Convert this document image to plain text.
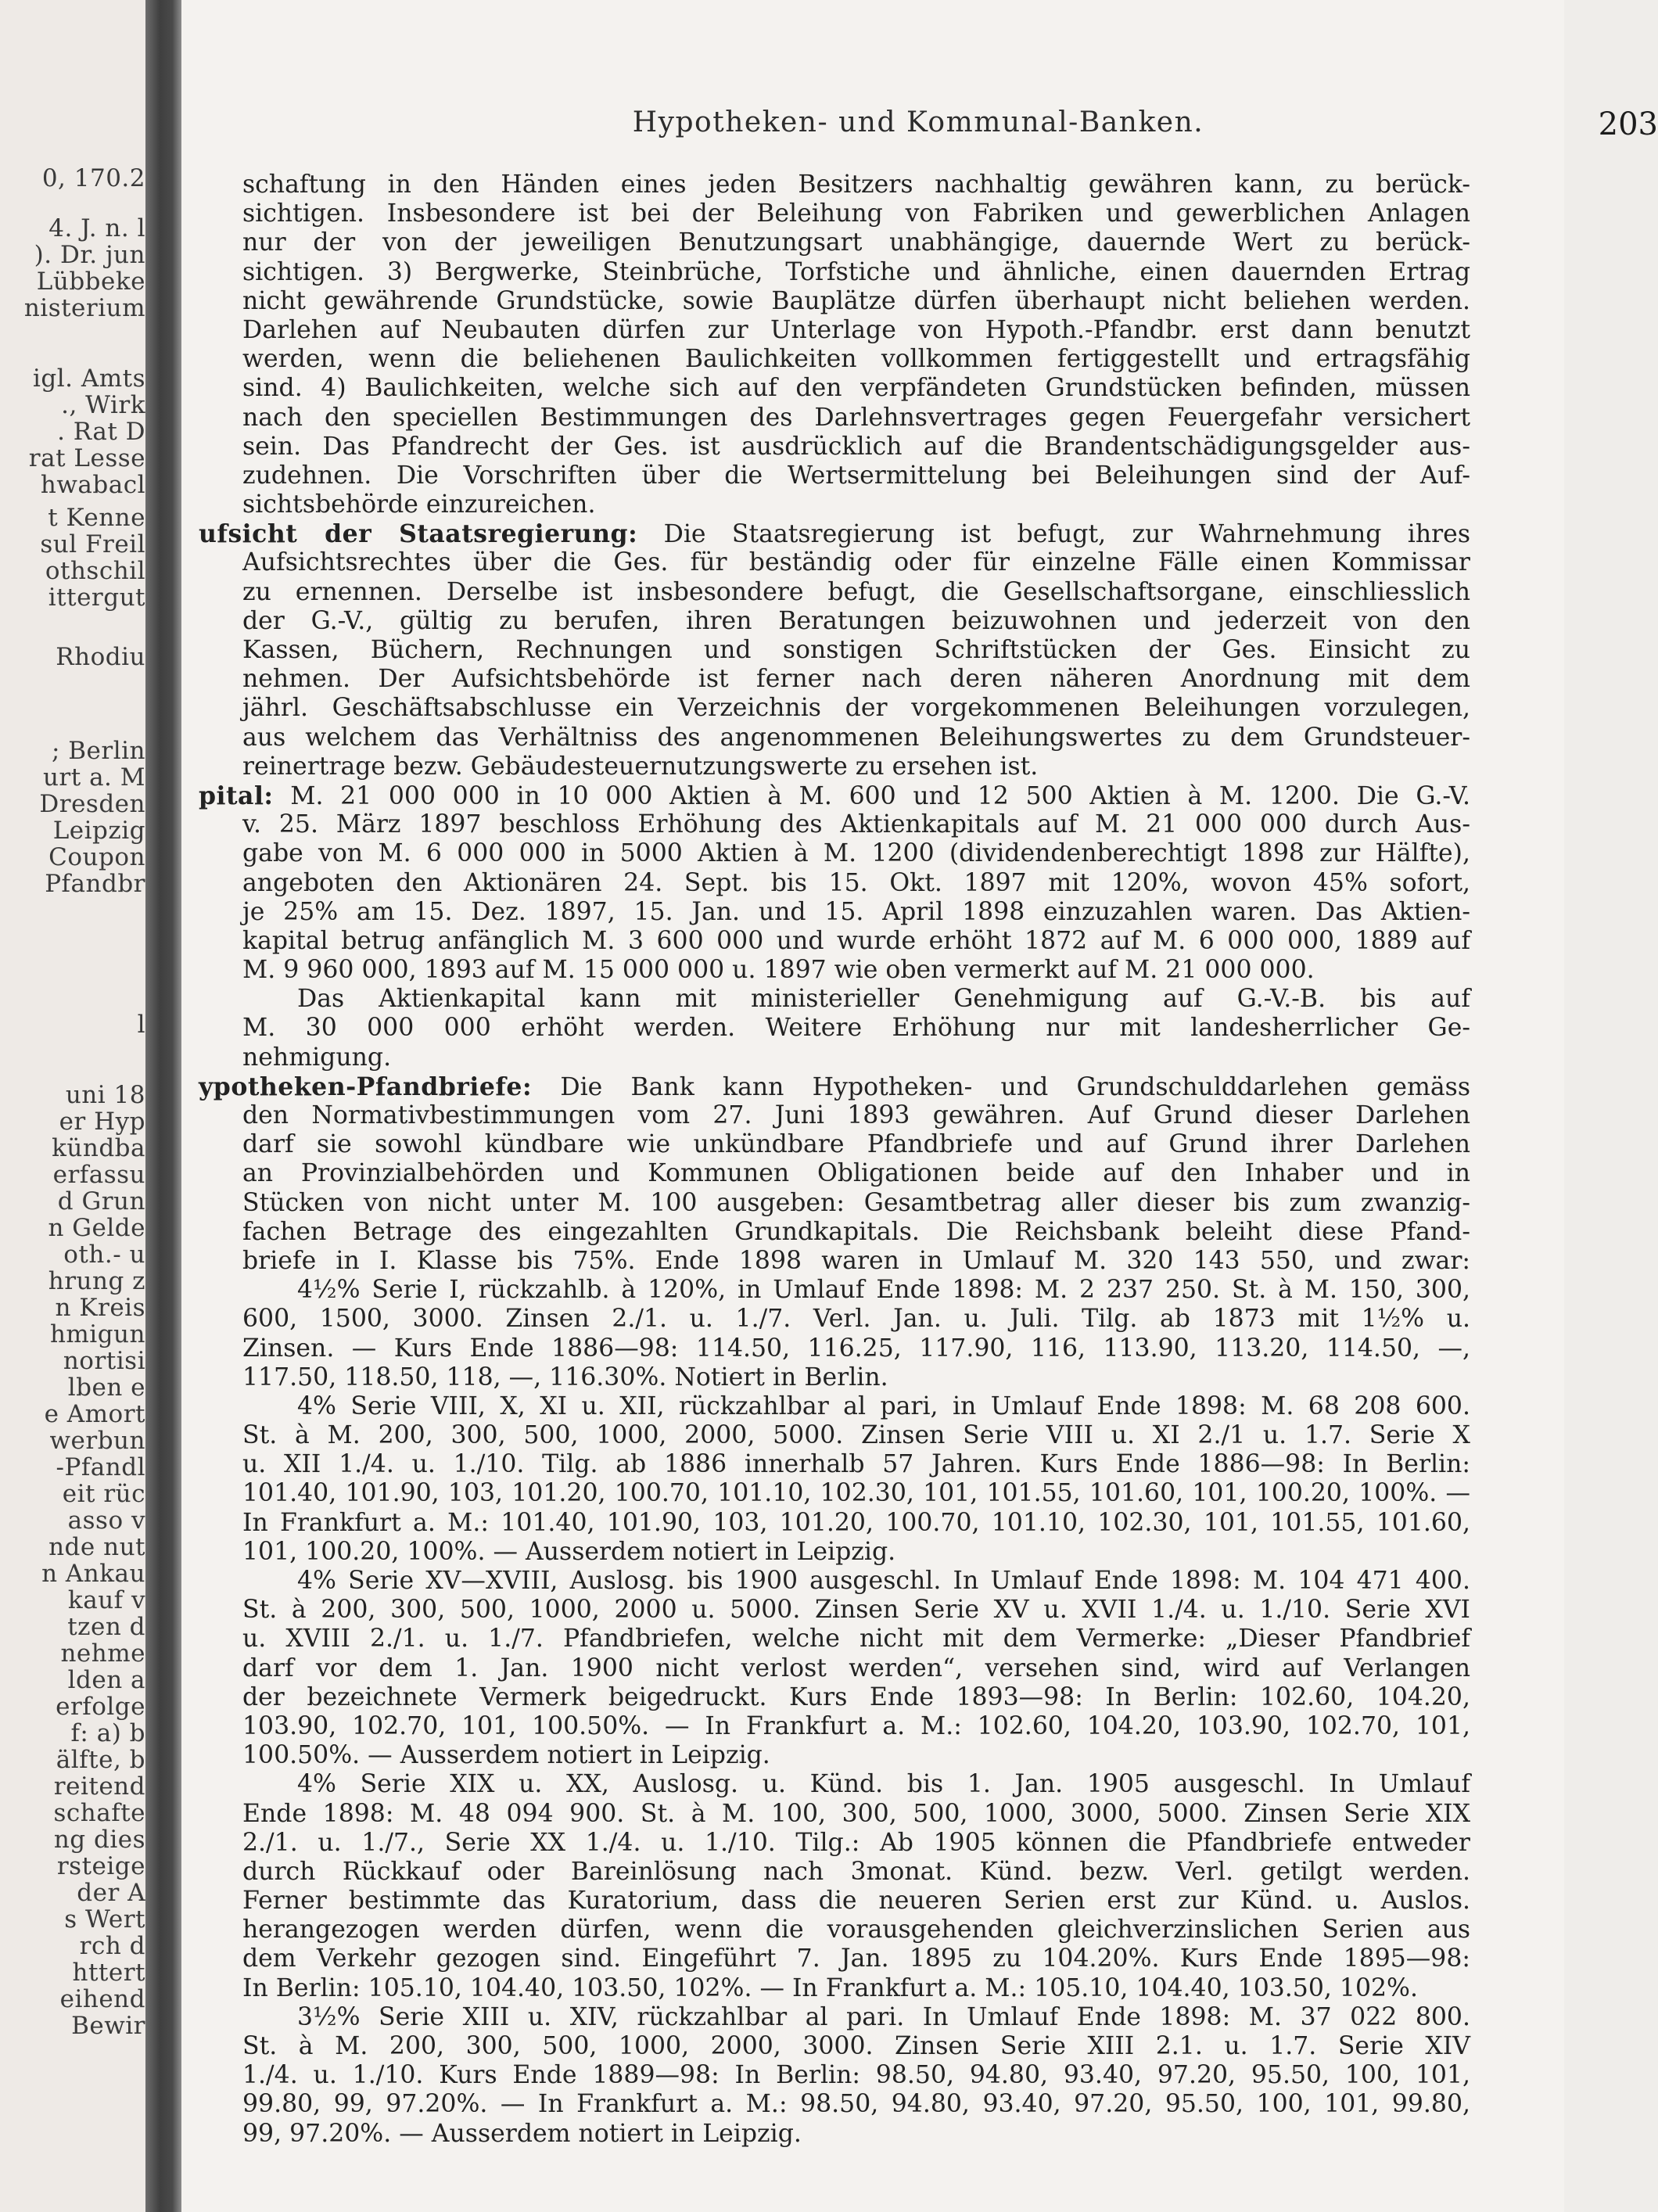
0, 170.2
4. J. n. l
). Dr. jun
Lübbeke
nisterium
igl. Amts
., Wirk
. Rat D
rat Lesse
hwabacl
t Kenne
sul Freil
othschil
ittergut
Rhodiu
; Berlin
urt a. M
Dresden
Leipzig
Coupon
Pfandbr
l
uni 18
er Hyp
kündba
erfassu
d Grun
n Gelde
oth.- u
hrung z
n Kreis
hmigun
nortisi
lben e
e Amort
werbun
-Pfandl
eit rüc
asso v
nde nut
n Ankau
kauf v
tzen d
nehme
lden a
erfolge
f: a) b
älfte, b
reitend
schafte
ng dies
rsteige
der A
s Wert
rch d
httert
eihend
Bewir
Hypotheken- und Kommunal-Banken.	203
schaftung in den Händen eines jeden Besitzers nachhaltig gewähren kann, zu berück-
sichtigen. Insbesondere ist bei der Beleihung von Fabriken und gewerblichen Anlagen
nur der von der jeweiligen Benutzungsart unabhängige, dauernde Wert zu berück-
sichtigen. 3) Bergwerke, Steinbrüche, Torfstiche und ähnliche, einen dauernden Ertrag
nicht gewährende Grundstücke, sowie Bauplätze dürfen überhaupt nicht beliehen werden.
Darlehen auf Neubauten dürfen zur Unterlage von Hypoth.-Pfandbr. erst dann benutzt
werden, wenn die beliehenen Baulichkeiten vollkommen fertiggestellt und ertragsfähig
sind. 4) Baulichkeiten, welche sich auf den verpfändeten Grundstücken befinden, müssen
nach den speciellen Bestimmungen des Darlehnsvertrages gegen Feuergefahr versichert
sein. Das Pfandrecht der Ges. ist ausdrücklich auf die Brandentschädigungsgelder aus-
zudehnen. Die Vorschriften über die Wertsermittelung bei Beleihungen sind der Auf-
sichtsbehörde einzureichen.
ufsicht der Staatsregierung: Die Staatsregierung ist befugt, zur Wahrnehmung ihres
Aufsichtsrechtes über die Ges. für beständig oder für einzelne Fälle einen Kommissar
zu ernennen. Derselbe ist insbesondere befugt, die Gesellschaftsorgane, einschliesslich
der G.-V., gültig zu berufen, ihren Beratungen beizuwohnen und jederzeit von den
Kassen, Büchern, Rechnungen und sonstigen Schriftstücken der Ges. Einsicht zu
nehmen. Der Aufsichtsbehörde ist ferner nach deren näheren Anordnung mit dem
jährl. Geschäftsabschlusse ein Verzeichnis der vorgekommenen Beleihungen vorzulegen,
aus welchem das Verhältniss des angenommenen Beleihungswertes zu dem Grundsteuer-
reinertrage bezw. Gebäudesteuernutzungswerte zu ersehen ist.
pital: M. 21 000 000 in 10 000 Aktien à M. 600 und 12 500 Aktien à M. 1200. Die G.-V.
v. 25. März 1897 beschloss Erhöhung des Aktienkapitals auf M. 21 000 000 durch Aus-
gabe von M. 6 000 000 in 5000 Aktien à M. 1200 (dividendenberechtigt 1898 zur Hälfte),
angeboten den Aktionären 24. Sept. bis 15. Okt. 1897 mit 120%, wovon 45% sofort,
je 25% am 15. Dez. 1897, 15. Jan. und 15. April 1898 einzuzahlen waren. Das Aktien-
kapital betrug anfänglich M. 3 600 000 und wurde erhöht 1872 auf M. 6 000 000, 1889 auf
M. 9 960 000, 1893 auf M. 15 000 000 u. 1897 wie oben vermerkt auf M. 21 000 000.
Das Aktienkapital kann mit ministerieller Genehmigung auf G.-V.-B. bis auf
M. 30 000 000 erhöht werden. Weitere Erhöhung nur mit landesherrlicher Ge-
nehmigung.
ypotheken-Pfandbriefe: Die Bank kann Hypotheken- und Grundschulddarlehen gemäss
den Normativbestimmungen vom 27. Juni 1893 gewähren. Auf Grund dieser Darlehen
darf sie sowohl kündbare wie unkündbare Pfandbriefe und auf Grund ihrer Darlehen
an Provinzialbehörden und Kommunen Obligationen beide auf den Inhaber und in
Stücken von nicht unter M. 100 ausgeben: Gesamtbetrag aller dieser bis zum zwanzig-
fachen Betrage des eingezahlten Grundkapitals. Die Reichsbank beleiht diese Pfand-
briefe in I. Klasse bis 75%. Ende 1898 waren in Umlauf M. 320 143 550, und zwar:
4½% Serie I, rückzahlb. à 120%, in Umlauf Ende 1898: M. 2 237 250. St. à M. 150, 300,
600, 1500, 3000. Zinsen 2./1. u. 1./7. Verl. Jan. u. Juli. Tilg. ab 1873 mit 1½% u.
Zinsen. — Kurs Ende 1886—98: 114.50, 116.25, 117.90, 116, 113.90, 113.20, 114.50, —,
117.50, 118.50, 118, —, 116.30%. Notiert in Berlin.
4% Serie VIII, X, XI u. XII, rückzahlbar al pari, in Umlauf Ende 1898: M. 68 208 600.
St. à M. 200, 300, 500, 1000, 2000, 5000. Zinsen Serie VIII u. XI 2./1 u. 1.7. Serie X
u. XII 1./4. u. 1./10. Tilg. ab 1886 innerhalb 57 Jahren. Kurs Ende 1886—98: In Berlin:
101.40, 101.90, 103, 101.20, 100.70, 101.10, 102.30, 101, 101.55, 101.60, 101, 100.20, 100%. —
In Frankfurt a. M.: 101.40, 101.90, 103, 101.20, 100.70, 101.10, 102.30, 101, 101.55, 101.60,
101, 100.20, 100%. — Ausserdem notiert in Leipzig.
4% Serie XV—XVIII, Auslosg. bis 1900 ausgeschl. In Umlauf Ende 1898: M. 104 471 400.
St. à 200, 300, 500, 1000, 2000 u. 5000. Zinsen Serie XV u. XVII 1./4. u. 1./10. Serie XVI
u. XVIII 2./1. u. 1./7. Pfandbriefen, welche nicht mit dem Vermerke: „Dieser Pfandbrief
darf vor dem 1. Jan. 1900 nicht verlost werden“, versehen sind, wird auf Verlangen
der bezeichnete Vermerk beigedruckt. Kurs Ende 1893—98: In Berlin: 102.60, 104.20,
103.90, 102.70, 101, 100.50%. — In Frankfurt a. M.: 102.60, 104.20, 103.90, 102.70, 101,
100.50%. — Ausserdem notiert in Leipzig.
4% Serie XIX u. XX, Auslosg. u. Künd. bis 1. Jan. 1905 ausgeschl. In Umlauf
Ende 1898: M. 48 094 900. St. à M. 100, 300, 500, 1000, 3000, 5000. Zinsen Serie XIX
2./1. u. 1./7., Serie XX 1./4. u. 1./10. Tilg.: Ab 1905 können die Pfandbriefe entweder
durch Rückkauf oder Bareinlösung nach 3monat. Künd. bezw. Verl. getilgt werden.
Ferner bestimmte das Kuratorium, dass die neueren Serien erst zur Künd. u. Auslos.
herangezogen werden dürfen, wenn die vorausgehenden gleichverzinslichen Serien aus
dem Verkehr gezogen sind. Eingeführt 7. Jan. 1895 zu 104.20%. Kurs Ende 1895—98:
In Berlin: 105.10, 104.40, 103.50, 102%. — In Frankfurt a. M.: 105.10, 104.40, 103.50, 102%.
3½% Serie XIII u. XIV, rückzahlbar al pari. In Umlauf Ende 1898: M. 37 022 800.
St. à M. 200, 300, 500, 1000, 2000, 3000. Zinsen Serie XIII 2.1. u. 1.7. Serie XIV
1./4. u. 1./10. Kurs Ende 1889—98: In Berlin: 98.50, 94.80, 93.40, 97.20, 95.50, 100, 101,
99.80, 99, 97.20%. — In Frankfurt a. M.: 98.50, 94.80, 93.40, 97.20, 95.50, 100, 101, 99.80,
99, 97.20%. — Ausserdem notiert in Leipzig.
